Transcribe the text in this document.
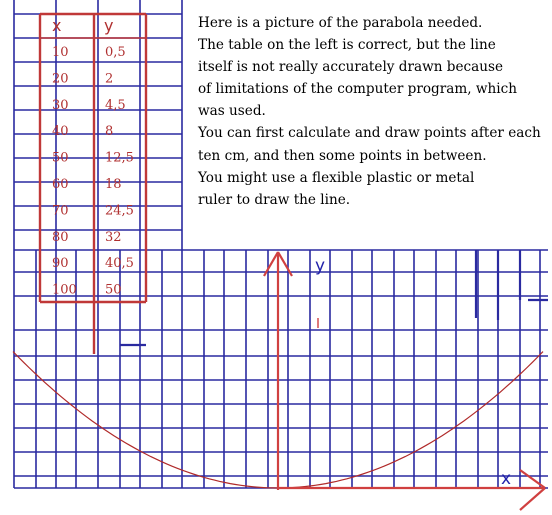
x	y
10	0,5
20	2
30	4,5
40	8
50	12,5
60	18
70	24,5
80	32
90	40,5
100 50
y
x
Here is a picture of the parabola needed.
The table on the left is correct, but the line
itself is not really accurately drawn because
of limitations of the computer program, which
was used.
You can first calculate and draw points after each
ten cm, and then some points in between.
You might use a flexible plastic or metal
ruler to draw the line.
